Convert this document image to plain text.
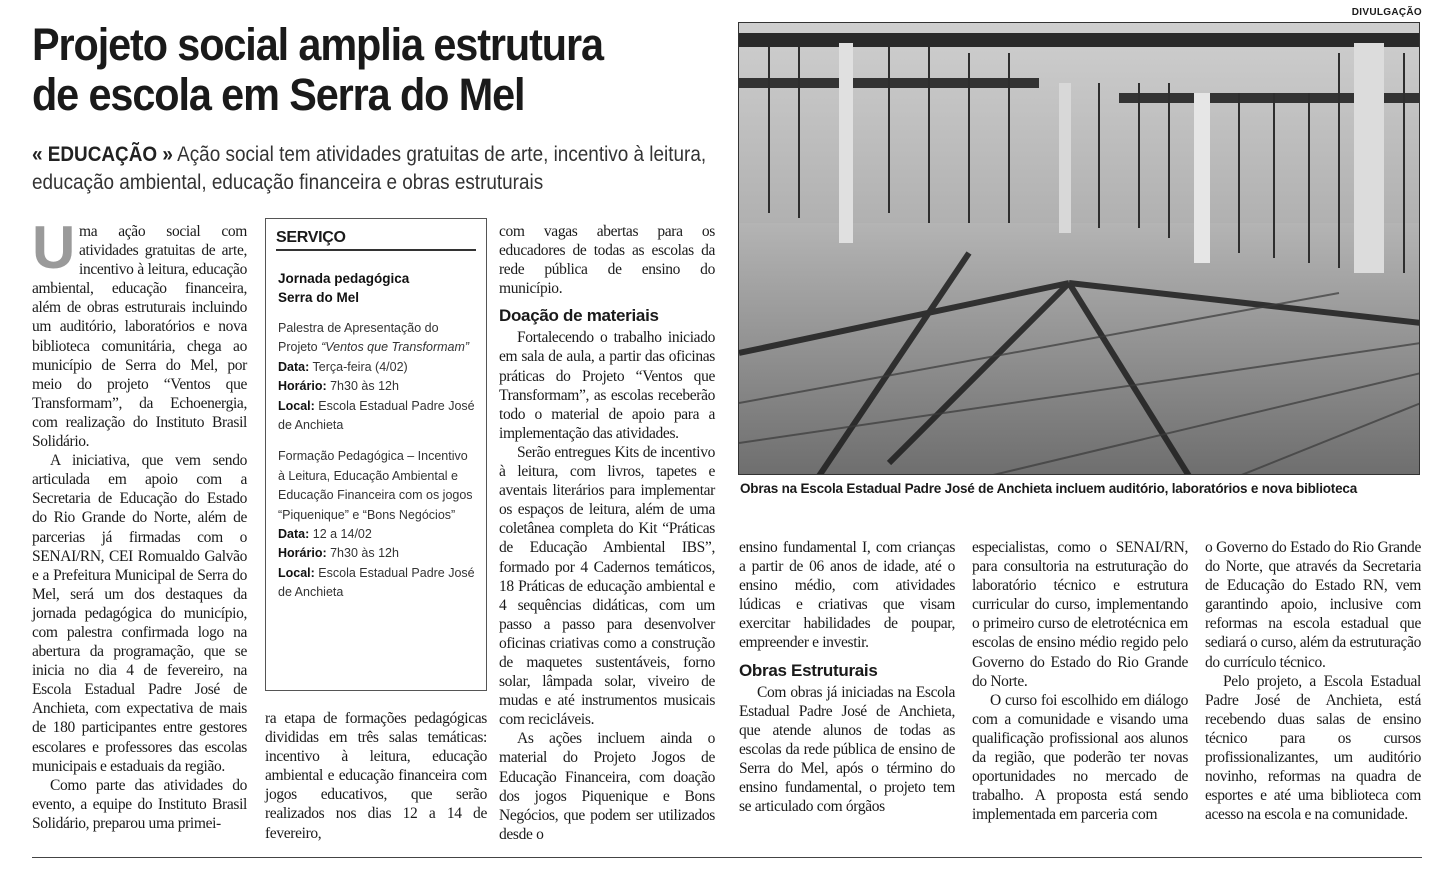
Projeto social amplia estrutura
de escola em Serra do Mel
« EDUCAÇÃO » Ação social tem atividades gratuitas de arte, incentivo à leitura, educação ambiental, educação financeira e obras estruturais

Uma ação social com atividades gratuitas de arte, incentivo à leitura, educação ambiental, educação financeira, além de obras estruturais incluindo um auditório, laboratórios e nova biblioteca comunitária, chega ao município de Serra do Mel, por meio do projeto “Ventos que Transformam”, da Echoenergia, com realização do Instituto Brasil Solidário.

A iniciativa, que vem sendo articulada em apoio com a Secretaria de Educação do Estado do Rio Grande do Norte, além de parcerias já firmadas com o SENAI/RN, CEI Romualdo Galvão e a Prefeitura Municipal de Serra do Mel, será um dos destaques da jornada pedagógica do município, com palestra confirmada logo na abertura da programação, que se inicia no dia 4 de fevereiro, na Escola Estadual Padre José de Anchieta, com expectativa de mais de 180 participantes entre gestores escolares e professores das escolas municipais e estaduais da região.

Como parte das atividades do evento, a equipe do Instituto Brasil Solidário, preparou uma primei-

SERVIÇO
Jornada pedagógica
Serra do Mel
Palestra de Apresentação do Projeto “Ventos que Transformam”
Data: Terça-feira (4/02)
Horário: 7h30 às 12h
Local: Escola Estadual Padre José de Anchieta
Formação Pedagógica – Incentivo à Leitura, Educação Ambiental e Educação Financeira com os jogos “Piquenique” e “Bons Negócios”
Data: 12 a 14/02
Horário: 7h30 às 12h
Local: Escola Estadual Padre José de Anchieta

ra etapa de formações pedagógicas divididas em três salas temáticas: incentivo à leitura, educação ambiental e educação financeira com jogos educativos, que serão realizados nos dias 12 a 14 de fevereiro,

com vagas abertas para os educadores de todas as escolas da rede pública de ensino do município.

Doação de materiais

Fortalecendo o trabalho iniciado em sala de aula, a partir das oficinas práticas do Projeto “Ventos que Transformam”, as escolas receberão todo o material de apoio para a implementação das atividades.

Serão entregues Kits de incentivo à leitura, com livros, tapetes e aventais literários para implementar os espaços de leitura, além de uma coletânea completa do Kit “Práticas de Educação Ambiental IBS”, formado por 4 Cadernos temáticos, 18 Práticas de educação ambiental e 4 sequências didáticas, com um passo a passo para desenvolver oficinas criativas como a construção de maquetes sustentáveis, forno solar, lâmpada solar, viveiro de mudas e até instrumentos musicais com recicláveis.

As ações incluem ainda o material do Projeto Jogos de Educação Financeira, com doação dos jogos Piquenique e Bons Negócios, que podem ser utilizados desde o

DIVULGAÇÃO
Obras na Escola Estadual Padre José de Anchieta incluem auditório, laboratórios e nova biblioteca

ensino fundamental I, com crianças a partir de 06 anos de idade, até o ensino médio, com atividades lúdicas e criativas que visam exercitar habilidades de poupar, empreender e investir.

Obras Estruturais

Com obras já iniciadas na Escola Estadual Padre José de Anchieta, que atende alunos de todas as escolas da rede pública de ensino de Serra do Mel, após o término do ensino fundamental, o projeto tem se articulado com órgãos

especialistas, como o SENAI/RN, para consultoria na estruturação do laboratório técnico e estrutura curricular do curso, implementando o primeiro curso de eletrotécnica em escolas de ensino médio regido pelo Governo do Estado do Rio Grande do Norte.

O curso foi escolhido em diálogo com a comunidade e visando uma qualificação profissional aos alunos da região, que poderão ter novas oportunidades no mercado de trabalho. A proposta está sendo implementada em parceria com

o Governo do Estado do Rio Grande do Norte, que através da Secretaria de Educação do Estado RN, vem garantindo apoio, inclusive com reformas na escola estadual que sediará o curso, além da estruturação do currículo técnico.

Pelo projeto, a Escola Estadual Padre José de Anchieta, está recebendo duas salas de ensino técnico para os cursos profissionalizantes, um auditório novinho, reformas na quadra de esportes e até uma biblioteca com acesso na escola e na comunidade.
